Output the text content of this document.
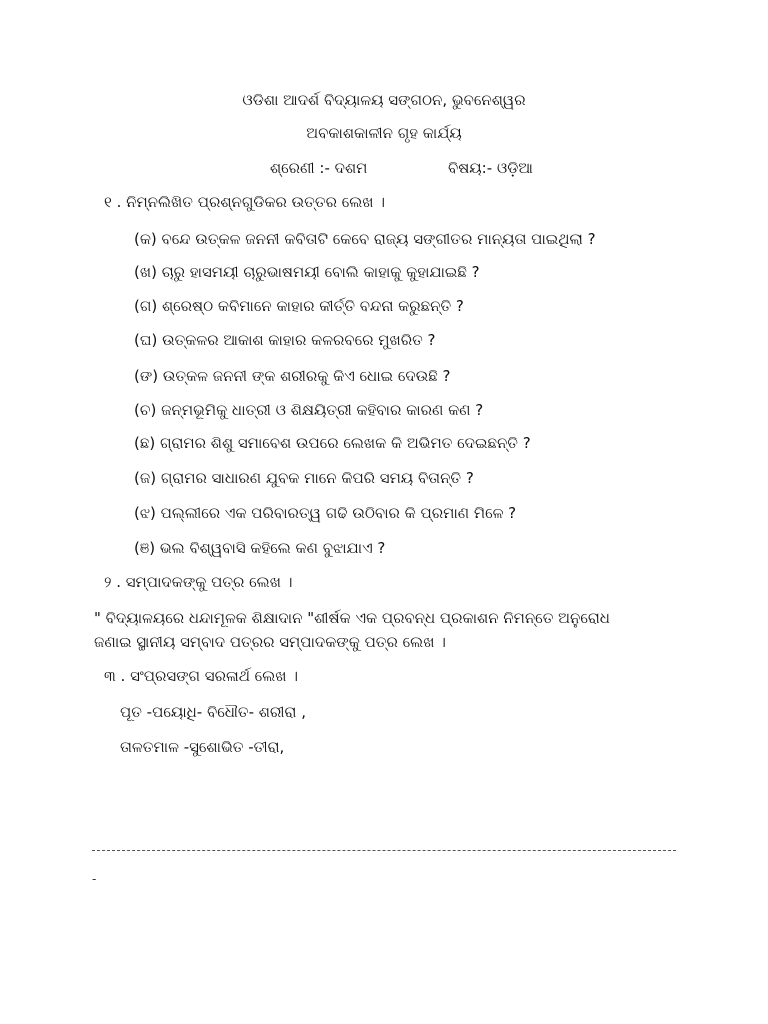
ଓଡିଶା ଆଦର୍ଶ ବିଦ୍ୟାଳୟ ସଙ୍ଗଠନ, ଭୁବନେଶ୍ୱର
ଅବକାଶକାଳୀନ ଗୃହ କାର୍ଯ୍ୟ
ଶ୍ରେଣୀ :- ଦଶମ	ବିଷୟ:- ଓଡ଼ିଆ
୧ . ନିମ୍ନଲିଖିତ ପ୍ରଶ୍ନଗୁଡିକର ଉତ୍ତର ଲେଖ ।
(କ) ବନ୍ଦେ ଉତ୍କଳ ଜନନୀ କବିତାଟି କେବେ ରାଜ୍ୟ ସଙ୍ଗୀତର ମାନ୍ୟତା ପାଇଥିଲା ?
(ଖ) ଚାରୁ ହାସମୟୀ ଚାରୁଭାଷମୟୀ ବୋଲି କାହାକୁ କୁହାଯାଇଛି ?
(ଗ) ଶ୍ରେଷ୍ଠ କବିମାନେ କାହାର କୀର୍ତ୍ତି ବନ୍ଦନା କରୁଛନ୍ତି ?
(ଘ) ଉତ୍କଳର ଆକାଶ କାହାର କଳରବରେ ମୁଖରିତ ?
(ଙ) ଉତ୍କଳ ଜନନୀ ଙ୍କ ଶରୀରକୁ କିଏ ଧୋଇ ଦେଉଛି ?
(ଚ) ଜନ୍ମଭୂମିକୁ ଧାତ୍ରୀ ଓ ଶିକ୍ଷୟିତ୍ରୀ କହିବାର କାରଣ କଣ ?
(ଛ) ଗ୍ରାମର ଶିଶୁ ସମାବେଶ ଉପରେ ଲେଖକ କି ଅଭିମତ ଦେଇଛନ୍ତି ?
(ଜ) ଗ୍ରାମର ସାଧାରଣ ଯୁବକ ମାନେ କିପରି ସମୟ ବିତାନ୍ତି ?
(ଝ) ପଲ୍ଲୀରେ ଏକ ପରିବାରତ୍ୱ ଗଢି ଉଠିବାର କି ପ୍ରମାଣ ମିଳେ ?
(ଞ) ଭଲ ବିଶ୍ୱବାସି କହିଲେ କଣ ବୁଝାଯାଏ ?
୨ . ସମ୍ପାଦକଙ୍କୁ ପତ୍ର ଲେଖ ।
" ବିଦ୍ୟାଳୟରେ ଧନ୍ଦାମୂଳକ ଶିକ୍ଷାଦାନ "ଶୀର୍ଷକ ଏକ ପ୍ରବନ୍ଧ ପ୍ରକାଶନ ନିମନ୍ତେ ଅନୁରୋଧ
ଜଣାଇ ସ୍ଥାନୀୟ ସମ୍ବାଦ ପତ୍ରର ସମ୍ପାଦକଙ୍କୁ ପତ୍ର ଲେଖ ।
୩ . ସଂପ୍ରସଙ୍ଗ ସରଳାର୍ଥ ଲେଖ ।
ପୂତ -ପୟୋଧି- ବିଧୌତ- ଶରୀରା ,
ତାଳତମାଳ -ସୁଶୋଭିତ -ତୀରା,
-
